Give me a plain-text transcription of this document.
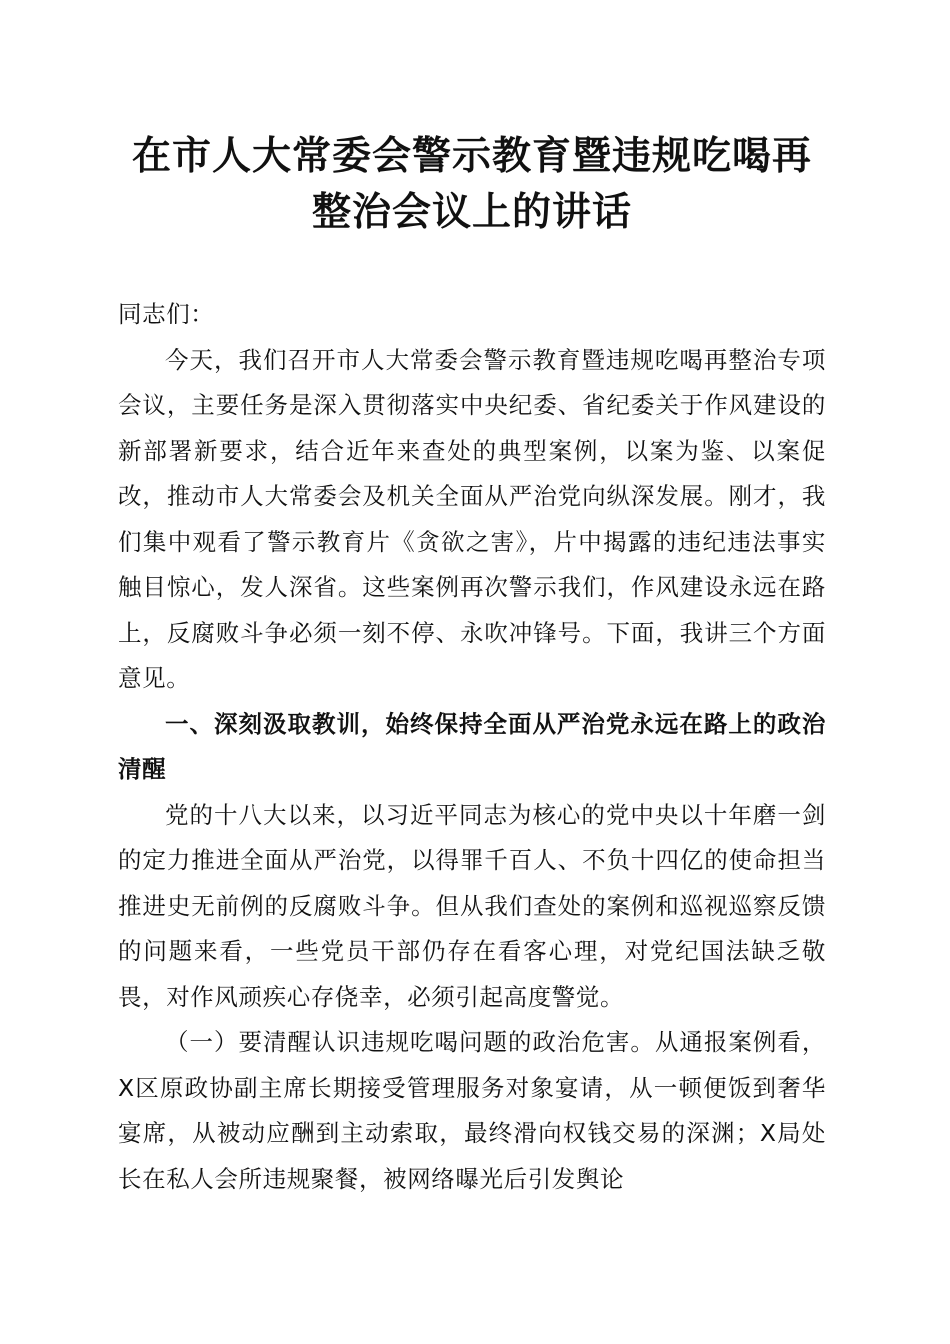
在市人大常委会警示教育暨违规吃喝再整治会议上的讲话

同志们：

今天，我们召开市人大常委会警示教育暨违规吃喝再整治专项会议，主要任务是深入贯彻落实中央纪委、省纪委关于作风建设的新部署新要求，结合近年来查处的典型案例，以案为鉴、以案促改，推动市人大常委会及机关全面从严治党向纵深发展。刚才，我们集中观看了警示教育片《贪欲之害》，片中揭露的违纪违法事实触目惊心，发人深省。这些案例再次警示我们，作风建设永远在路上，反腐败斗争必须一刻不停、永吹冲锋号。下面，我讲三个方面意见。

一、深刻汲取教训，始终保持全面从严治党永远在路上的政治清醒

党的十八大以来，以习近平同志为核心的党中央以十年磨一剑的定力推进全面从严治党，以得罪千百人、不负十四亿的使命担当推进史无前例的反腐败斗争。但从我们查处的案例和巡视巡察反馈的问题来看，一些党员干部仍存在看客心理，对党纪国法缺乏敬畏，对作风顽疾心存侥幸，必须引起高度警觉。

（一）要清醒认识违规吃喝问题的政治危害。从通报案例看，X区原政协副主席长期接受管理服务对象宴请，从一顿便饭到奢华宴席，从被动应酬到主动索取，最终滑向权钱交易的深渊；X局处长在私人会所违规聚餐，被网络曝光后引发舆论
